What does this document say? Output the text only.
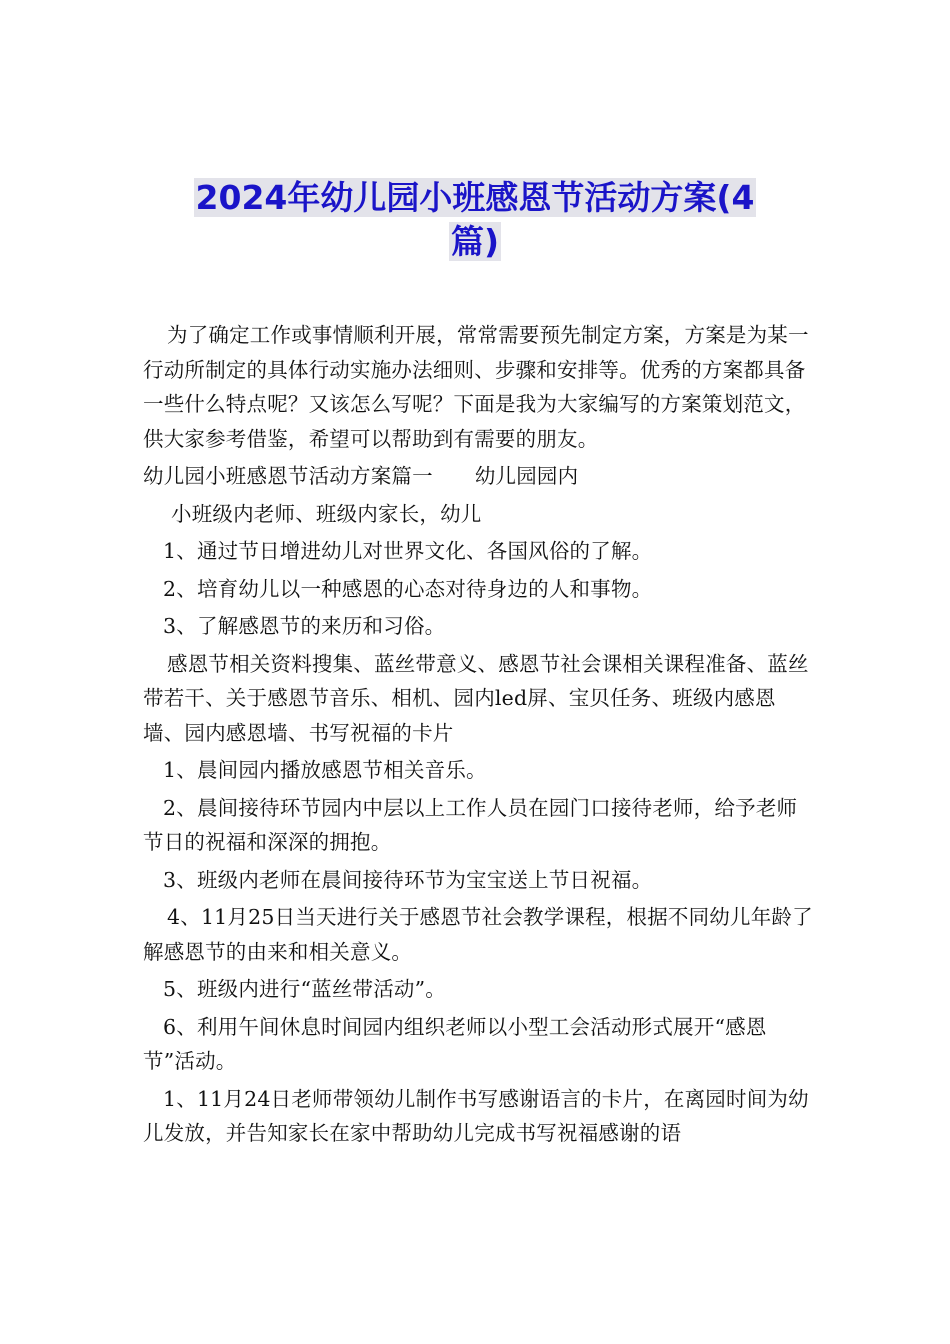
2024年幼儿园小班感恩节活动方案(4
篇)

为了确定工作或事情顺利开展，常常需要预先制定方案，方案是为某一行动所制定的具体行动实施办法细则、步骤和安排等。优秀的方案都具备一些什么特点呢？又该怎么写呢？下面是我为大家编写的方案策划范文，供大家参考借鉴，希望可以帮助到有需要的朋友。

幼儿园小班感恩节活动方案篇一 幼儿园园内

小班级内老师、班级内家长，幼儿

1、通过节日增进幼儿对世界文化、各国风俗的了解。

2、培育幼儿以一种感恩的心态对待身边的人和事物。

3、了解感恩节的来历和习俗。

感恩节相关资料搜集、蓝丝带意义、感恩节社会课相关课程准备、蓝丝带若干、关于感恩节音乐、相机、园内led屏、宝贝任务、班级内感恩墙、园内感恩墙、书写祝福的卡片

1、晨间园内播放感恩节相关音乐。

2、晨间接待环节园内中层以上工作人员在园门口接待老师，给予老师节日的祝福和深深的拥抱。

3、班级内老师在晨间接待环节为宝宝送上节日祝福。

4、11月25日当天进行关于感恩节社会教学课程，根据不同幼儿年龄了解感恩节的由来和相关意义。

5、班级内进行“蓝丝带活动”。

6、利用午间休息时间园内组织老师以小型工会活动形式展开“感恩节”活动。

1、11月24日老师带领幼儿制作书写感谢语言的卡片，在离园时间为幼儿发放，并告知家长在家中帮助幼儿完成书写祝福感谢的语
